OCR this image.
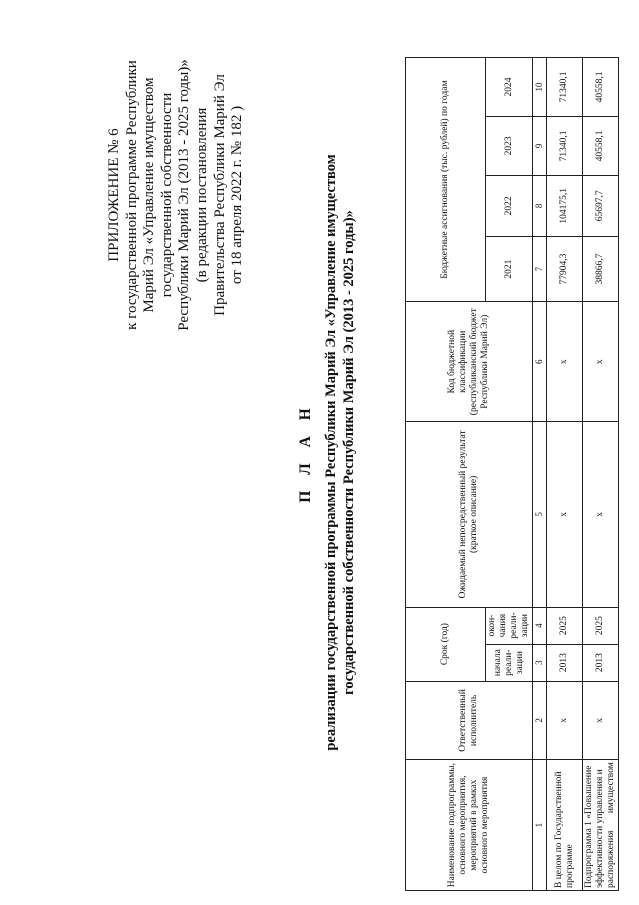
ПРИЛОЖЕНИЕ № 6 к государственной программе Республики Марий Эл «Управление имуществом государственной собственности Республики Марий Эл (2013 - 2025 годы)» (в редакции постановления Правительства Республики Марий Эл от 18 апреля 2022 г. № 182 )
П Л А Н реализации государственной программы Республики Марий Эл «Управление имуществом государственной собственности Республики Марий Эл (2013 - 2025 годы)»
Наименование подпрограммы, основного мероприятия, мероприятий в рамках основного мероприятия	Ответственный исполнитель	Срок (год)		Ожидаемый непосредственный результат (краткое описание)	Код бюджетной классификации (республиканский бюджет Республики Марий Эл)	Бюджетные ассигнования (тыс. рублей) по годам			
		начала реали-зации	окон-чания реали-зации			2021	2022	2023	2024

1	2	3	4	5	6	7	8	9	10
В целом по Государственной программе	х	2013	2025	х	х	77904,3	104175,1	71340,1	71340,1
Подпрограмма 1 «Повышение эффективности управления и распоряжения имуществом	х	2013	2025	х	х	38866,7	65697,7	40558,1	40558,1
